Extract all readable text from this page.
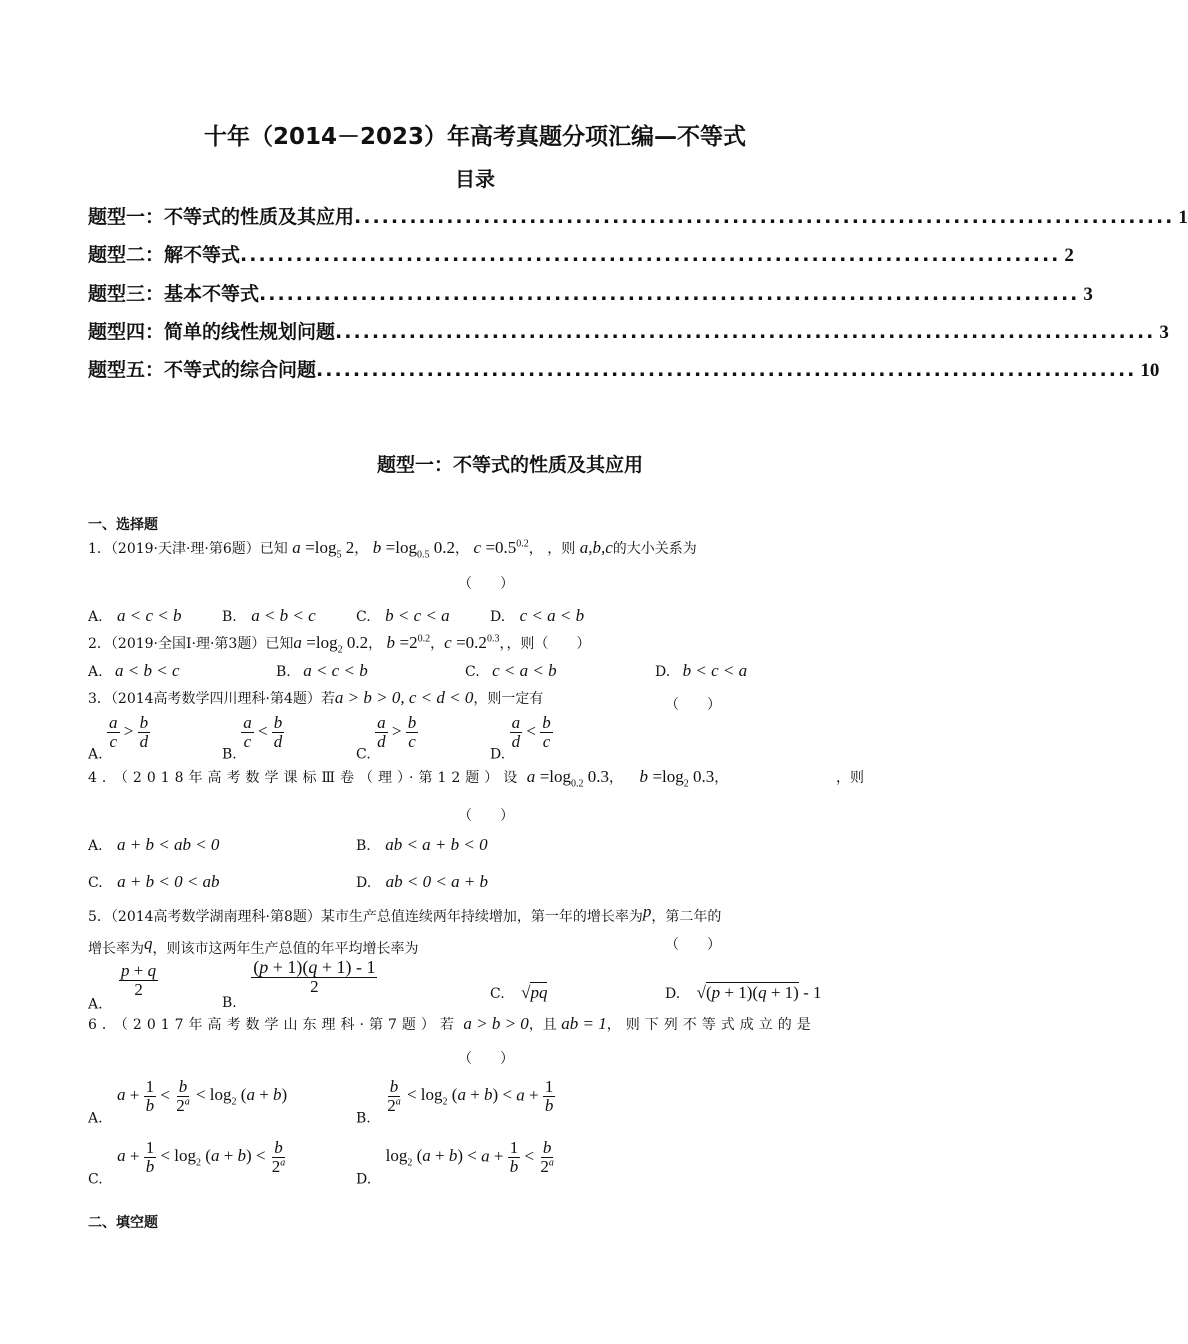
十年（2014－2023）年高考真题分项汇编—不等式
目录
题型一：不等式的性质及其应用 ......................................................................................... 1
题型二：解不等式 ......................................................................................... 2
题型三：基本不等式 ......................................................................................... 3
题型四：简单的线性规划问题 ......................................................................................... 3
题型五：不等式的综合问题 ......................................................................................... 10
题型一：不等式的性质及其应用
一、选择题
1．（2019·天津·理·第6题）已知 $a =\log_5$ 2， $b =\log_{0.5}$ 0.2， $c =0.5^{0.2}$， ，则 a,b,c的大小关系为
（　　）
A. a < c < b	B. a < b < c	C. b < c < a	D. c < a < b
2．（2019·全国Ⅰ·理·第3题）已知$a =\log_2$ 0.2， $b =2^{0.2}$，$c =0.2^{0.3}$，，则（　　）
A. a < b < c	B. a < c < b	C. c < a < b	D. b < c < a
3．（2014高考数学四川理科·第4题）若a > b > 0, c < d < 0，则一定有	（　　）
A.
$\frac{a}{c} > \frac{b}{d}$
B.
$\frac{a}{c} < \frac{b}{d}$
C.
$\frac{a}{d} > \frac{b}{c}$
D.
$\frac{a}{d} < \frac{b}{c}$
4．（2018年高考数学课标Ⅲ卷（理）·第12题）设 $a =\log_{0.2}$ 0.3， $b =\log_2$ 0.3，	，则
（　　）
A. a + b < ab < 0	B. ab < a + b < 0
C. a + b < 0 < ab	D. ab < 0 < a + b
5．（2014高考数学湖南理科·第8题）某市生产总值连续两年持续增加，第一年的增长率为p，第二年的
增长率为q，则该市这两年生产总值的年平均增长率为	（　　）
A.
$\frac{p + q}{2}$
B.
$\frac{(p + 1)(q + 1) - 1}{2}$	C. √pq	D. √(p + 1)(q + 1) - 1
6．（2017年高考数学山东理科·第7题）若 a > b > 0，且 ab = 1，则下列不等式成立的是
（　　）
A. $a + \frac{1}{b} < \frac{b}{2^a} < \log_2 (a + b)$
B.
$\frac{b}{2^a} < \log_2 (a + b) < a + \frac{1}{b}$
C. $a + \frac{1}{b} < \log_2 (a + b) < \frac{b}{2^a}$
D. $\log_2 (a + b) < a + \frac{1}{b} < \frac{b}{2^a}$
二、填空题
